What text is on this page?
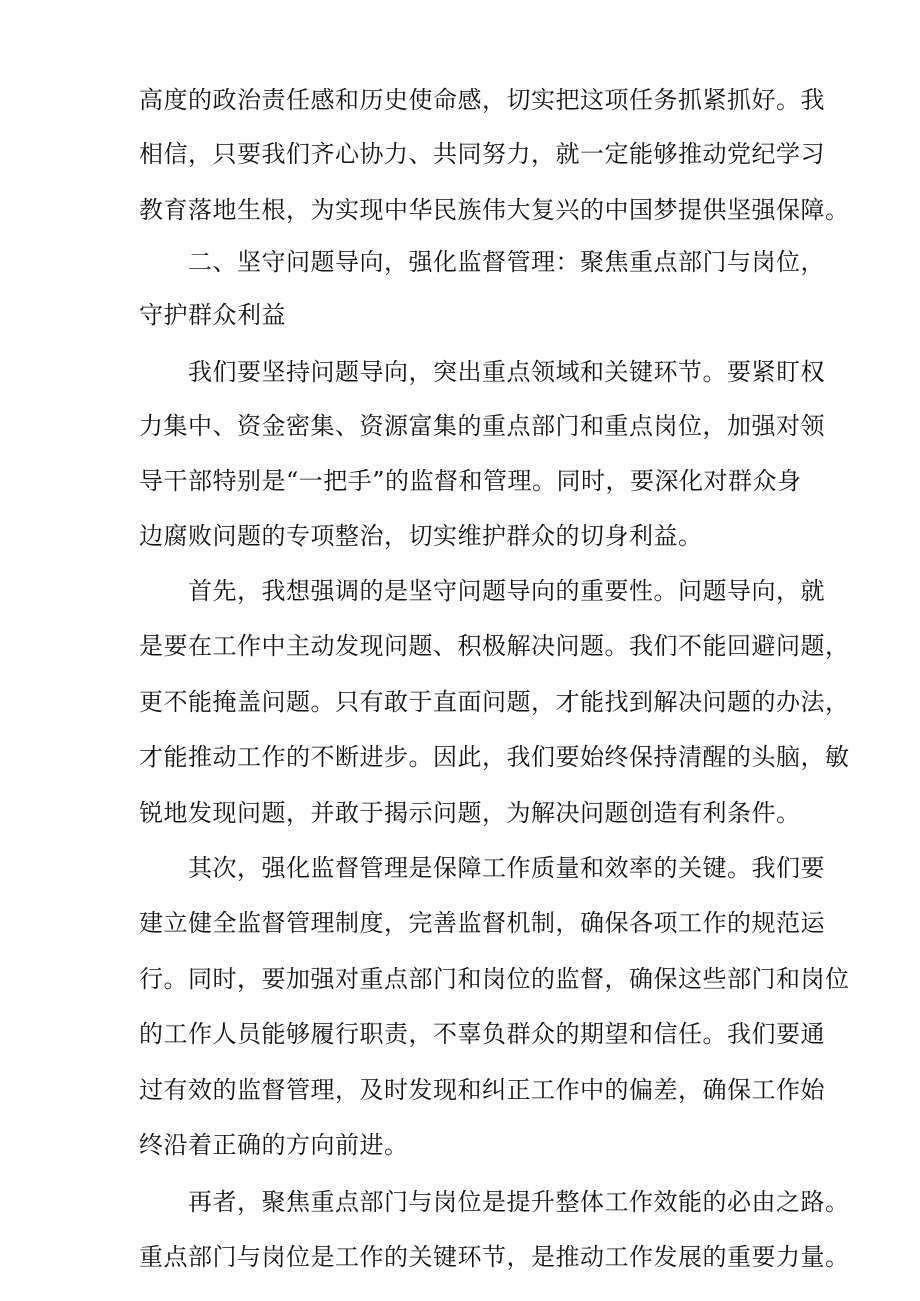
高度的政治责任感和历史使命感，切实把这项任务抓紧抓好。我
相信，只要我们齐心协力、共同努力，就一定能够推动党纪学习
教育落地生根，为实现中华民族伟大复兴的中国梦提供坚强保障。
二、坚守问题导向，强化监督管理：聚焦重点部门与岗位，
守护群众利益
我们要坚持问题导向，突出重点领域和关键环节。要紧盯权
力集中、资金密集、资源富集的重点部门和重点岗位，加强对领
导干部特别是“一把手”的监督和管理。同时，要深化对群众身
边腐败问题的专项整治，切实维护群众的切身利益。
首先，我想强调的是坚守问题导向的重要性。问题导向，就
是要在工作中主动发现问题、积极解决问题。我们不能回避问题，
更不能掩盖问题。只有敢于直面问题，才能找到解决问题的办法，
才能推动工作的不断进步。因此，我们要始终保持清醒的头脑，敏
锐地发现问题，并敢于揭示问题，为解决问题创造有利条件。
其次，强化监督管理是保障工作质量和效率的关键。我们要
建立健全监督管理制度，完善监督机制，确保各项工作的规范运
行。同时，要加强对重点部门和岗位的监督，确保这些部门和岗位
的工作人员能够履行职责，不辜负群众的期望和信任。我们要通
过有效的监督管理，及时发现和纠正工作中的偏差，确保工作始
终沿着正确的方向前进。
再者，聚焦重点部门与岗位是提升整体工作效能的必由之路。
重点部门与岗位是工作的关键环节，是推动工作发展的重要力量。
